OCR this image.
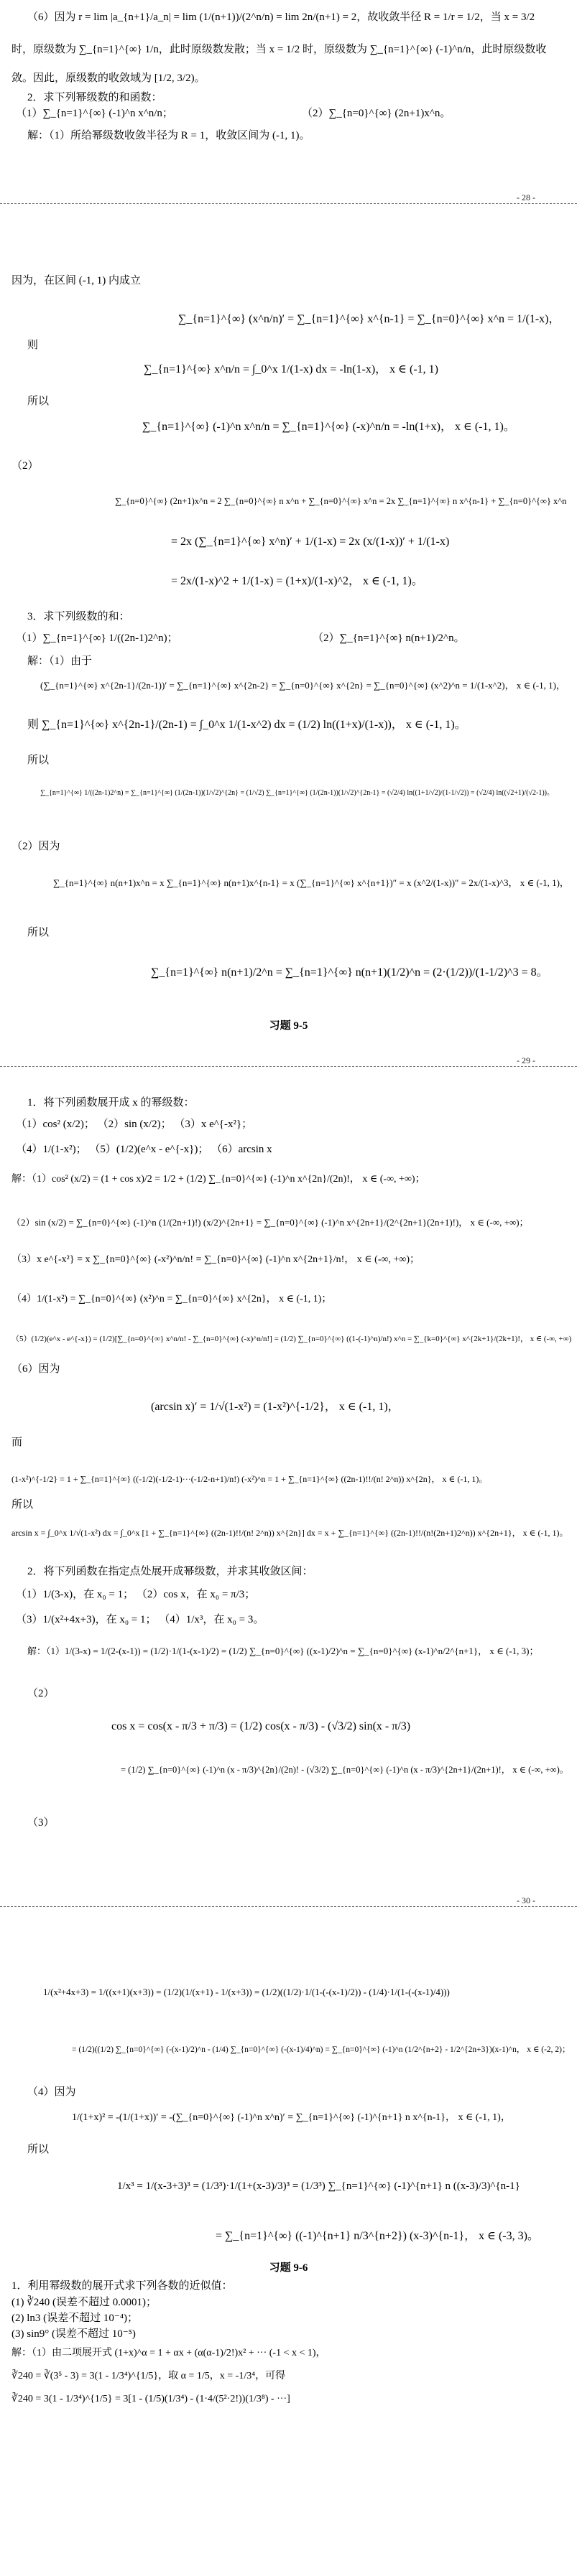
（6）因为 r = lim |a_{n+1}/a_n| = lim (1/(n+1))/(2^n/n) = lim 2n/(n+1) = 2，故收敛半径 R = 1/r = 1/2，当 x = 3/2
时，原级数为 ∑_{n=1}^{∞} 1/n，此时原级数发散；当 x = 1/2 时，原级数为 ∑_{n=1}^{∞} (-1)^n/n，此时原级数收
敛。因此，原级数的收敛域为 [1/2, 3/2)。
2．求下列幂级数的和函数：
（1）∑_{n=1}^{∞} (-1)^n x^n/n；	（2）∑_{n=0}^{∞} (2n+1)x^n。
解：（1）所给幂级数收敛半径为 R = 1，收敛区间为 (-1, 1)。
- 28 -
因为，在区间 (-1, 1) 内成立
∑_{n=1}^{∞} (x^n/n)′ = ∑_{n=1}^{∞} x^{n-1} = ∑_{n=0}^{∞} x^n = 1/(1-x)，
则
∑_{n=1}^{∞} x^n/n = ∫_0^x 1/(1-x) dx = -ln(1-x)， x ∈ (-1, 1)
所以
∑_{n=1}^{∞} (-1)^n x^n/n = ∑_{n=1}^{∞} (-x)^n/n = -ln(1+x)， x ∈ (-1, 1)。
（2）
∑_{n=0}^{∞} (2n+1)x^n = 2 ∑_{n=0}^{∞} n x^n + ∑_{n=0}^{∞} x^n = 2x ∑_{n=1}^{∞} n x^{n-1} + ∑_{n=0}^{∞} x^n
= 2x (∑_{n=1}^{∞} x^n)′ + 1/(1-x) = 2x (x/(1-x))′ + 1/(1-x)
= 2x/(1-x)^2 + 1/(1-x) = (1+x)/(1-x)^2， x ∈ (-1, 1)。
3．求下列级数的和：
（1）∑_{n=1}^{∞} 1/((2n-1)2^n)；	（2）∑_{n=1}^{∞} n(n+1)/2^n。
解：（1）由于
(∑_{n=1}^{∞} x^{2n-1}/(2n-1))′ = ∑_{n=1}^{∞} x^{2n-2} = ∑_{n=0}^{∞} x^{2n} = ∑_{n=0}^{∞} (x^2)^n = 1/(1-x^2)， x ∈ (-1, 1)，
则 ∑_{n=1}^{∞} x^{2n-1}/(2n-1) = ∫_0^x 1/(1-x^2) dx = (1/2) ln((1+x)/(1-x))， x ∈ (-1, 1)。
所以
∑_{n=1}^{∞} 1/((2n-1)2^n) = ∑_{n=1}^{∞} (1/(2n-1))(1/√2)^{2n} = (1/√2) ∑_{n=1}^{∞} (1/(2n-1))(1/√2)^{2n-1} = (√2/4) ln((1+1/√2)/(1-1/√2)) = (√2/4) ln((√2+1)/(√2-1))。
（2）因为
∑_{n=1}^{∞} n(n+1)x^n = x ∑_{n=1}^{∞} n(n+1)x^{n-1} = x (∑_{n=1}^{∞} x^{n+1})″ = x (x^2/(1-x))″ = 2x/(1-x)^3， x ∈ (-1, 1)，
所以
∑_{n=1}^{∞} n(n+1)/2^n = ∑_{n=1}^{∞} n(n+1)(1/2)^n = (2·(1/2))/(1-1/2)^3 = 8。
习题 9-5
- 29 -
1．将下列函数展开成 x 的幂级数：
（1）cos² (x/2)； （2）sin (x/2)； （3）x e^{-x²}；
（4）1/(1-x²)； （5）(1/2)(e^x - e^{-x})； （6）arcsin x
解：（1）cos² (x/2) = (1 + cos x)/2 = 1/2 + (1/2) ∑_{n=0}^{∞} (-1)^n x^{2n}/(2n)!， x ∈ (-∞, +∞)；
（2）sin (x/2) = ∑_{n=0}^{∞} (-1)^n (1/(2n+1)!) (x/2)^{2n+1} = ∑_{n=0}^{∞} (-1)^n x^{2n+1}/(2^{2n+1}(2n+1)!)， x ∈ (-∞, +∞)；
（3）x e^{-x²} = x ∑_{n=0}^{∞} (-x²)^n/n! = ∑_{n=0}^{∞} (-1)^n x^{2n+1}/n!， x ∈ (-∞, +∞)；
（4）1/(1-x²) = ∑_{n=0}^{∞} (x²)^n = ∑_{n=0}^{∞} x^{2n}， x ∈ (-1, 1)；
（5）(1/2)(e^x - e^{-x}) = (1/2)[∑_{n=0}^{∞} x^n/n! - ∑_{n=0}^{∞} (-x)^n/n!] = (1/2) ∑_{n=0}^{∞} ((1-(-1)^n)/n!) x^n = ∑_{k=0}^{∞} x^{2k+1}/(2k+1)!， x ∈ (-∞, +∞)
（6）因为
(arcsin x)′ = 1/√(1-x²) = (1-x²)^{-1/2}， x ∈ (-1, 1)，
而
(1-x²)^{-1/2} = 1 + ∑_{n=1}^{∞} ((-1/2)(-1/2-1)···(-1/2-n+1)/n!) (-x²)^n = 1 + ∑_{n=1}^{∞} ((2n-1)!!/(n! 2^n)) x^{2n}， x ∈ (-1, 1)。
所以
arcsin x = ∫_0^x 1/√(1-x²) dx = ∫_0^x [1 + ∑_{n=1}^{∞} ((2n-1)!!/(n! 2^n)) x^{2n}] dx = x + ∑_{n=1}^{∞} ((2n-1)!!/(n!(2n+1)2^n)) x^{2n+1}， x ∈ (-1, 1)。
2．将下列函数在指定点处展开成幂级数，并求其收敛区间：
（1）1/(3-x)，在 x₀ = 1； （2）cos x，在 x₀ = π/3；
（3）1/(x²+4x+3)，在 x₀ = 1； （4）1/x³，在 x₀ = 3。
解：（1）1/(3-x) = 1/(2-(x-1)) = (1/2)·1/(1-(x-1)/2) = (1/2) ∑_{n=0}^{∞} ((x-1)/2)^n = ∑_{n=0}^{∞} (x-1)^n/2^{n+1}， x ∈ (-1, 3)；
（2）
cos x = cos(x - π/3 + π/3) = (1/2) cos(x - π/3) - (√3/2) sin(x - π/3)
= (1/2) ∑_{n=0}^{∞} (-1)^n (x - π/3)^{2n}/(2n)! - (√3/2) ∑_{n=0}^{∞} (-1)^n (x - π/3)^{2n+1}/(2n+1)!， x ∈ (-∞, +∞)。
（3）
- 30 -
1/(x²+4x+3) = 1/((x+1)(x+3)) = (1/2)(1/(x+1) - 1/(x+3)) = (1/2)((1/2)·1/(1-(-(x-1)/2)) - (1/4)·1/(1-(-(x-1)/4)))
= (1/2)((1/2) ∑_{n=0}^{∞} (-(x-1)/2)^n - (1/4) ∑_{n=0}^{∞} (-(x-1)/4)^n) = ∑_{n=0}^{∞} (-1)^n (1/2^{n+2} - 1/2^{2n+3})(x-1)^n， x ∈ (-2, 2)；
（4）因为
1/(1+x)² = -(1/(1+x))′ = -(∑_{n=0}^{∞} (-1)^n x^n)′ = ∑_{n=1}^{∞} (-1)^{n+1} n x^{n-1}， x ∈ (-1, 1)，
所以
1/x³ = 1/(x-3+3)³ = (1/3³)·1/(1+(x-3)/3)³ = (1/3³) ∑_{n=1}^{∞} (-1)^{n+1} n ((x-3)/3)^{n-1}
= ∑_{n=1}^{∞} ((-1)^{n+1} n/3^{n+2}) (x-3)^{n-1}， x ∈ (-3, 3)。
习题 9-6
1．利用幂级数的展开式求下列各数的近似值：
(1) ∛240 (误差不超过 0.0001)；
(2) ln3 (误差不超过 10⁻⁴)；
(3) sin9° (误差不超过 10⁻⁵)
解：（1）由二项展开式 (1+x)^α = 1 + αx + (α(α-1)/2!)x² + ··· (-1 < x < 1)，
∛240 = ∛(3⁵ - 3) = 3(1 - 1/3⁴)^{1/5}，取 α = 1/5，x = -1/3⁴，可得
∛240 = 3(1 - 1/3⁴)^{1/5} = 3[1 - (1/5)(1/3⁴) - (1·4/(5²·2!))(1/3⁸) - ···]
